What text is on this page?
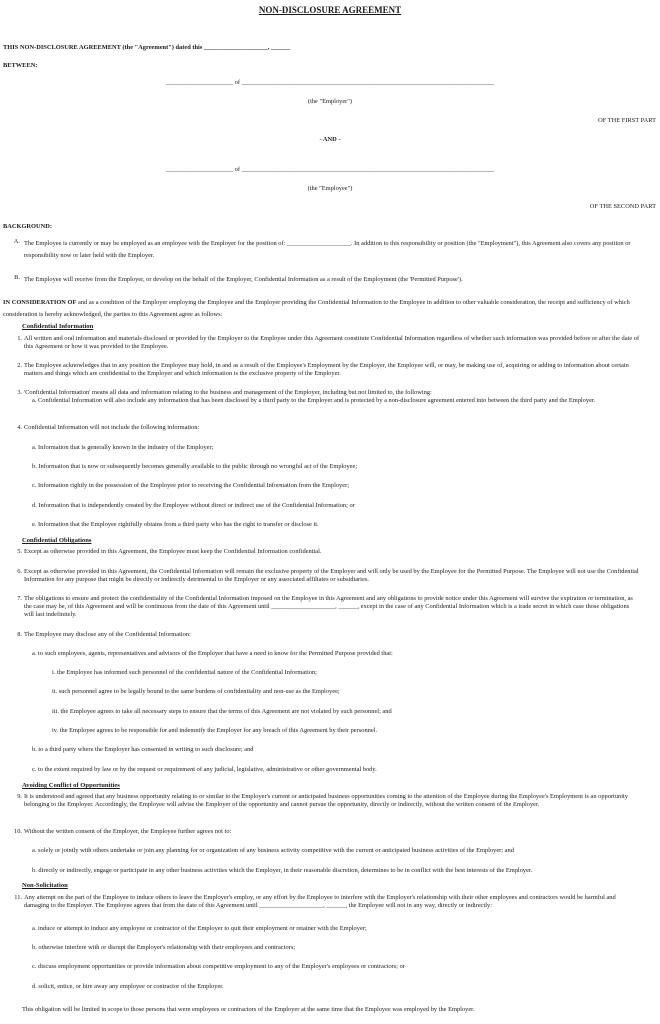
NON-DISCLOSURE AGREEMENT
THIS NON-DISCLOSURE AGREEMENT (the "Agreement") dated this ____________________, ______
BETWEEN:
_____________________ of _______________________________________________________________________________
(the "Employer")
OF THE FIRST PART
- AND -
_____________________ of _______________________________________________________________________________
(the "Employee")
OF THE SECOND PART
BACKGROUND:
A. The Employee is currently or may be employed as an employee with the Employer for the position of: ____________________. In addition to this responsibility or position (the "Employment"), this Agreement also covers any position or responsibility now or later held with the Employer.
B. The Employee will receive from the Employer, or develop on the behalf of the Employer, Confidential Information as a result of the Employment (the 'Permitted Purpose').
IN CONSIDERATION OF and as a condition of the Employer employing the Employee and the Employer providing the Confidential Information to the Employee in addition to other valuable consideration, the receipt and sufficiency of which consideration is hereby acknowledged, the parties to this Agreement agree as follows:
Confidential Information
1. All written and oral information and materials disclosed or provided by the Employer to the Employee under this Agreement constitute Confidential Information regardless of whether such information was provided before or after the date of this Agreement or how it was provided to the Employee.
2. The Employee acknowledges that in any position the Employee may hold, in and as a result of the Employee's Employment by the Employer, the Employee will, or may, be making use of, acquiring or adding to information about certain matters and things which are confidential to the Employer and which information is the exclusive property of the Employer.
3. 'Confidential Information' means all data and information relating to the business and management of the Employer, including but not limited to, the following:
a. Confidential Information will also include any information that has been disclosed by a third party to the Employer and is protected by a non-disclosure agreement entered into between the third party and the Employer.
4. Confidential Information will not include the following information:
a. Information that is generally known in the industry of the Employer;
b. Information that is now or subsequently becomes generally available to the public through no wrongful act of the Employee;
c. Information rightly in the possession of the Employee prior to receiving the Confidential Information from the Employer;
d. Information that is independently created by the Employee without direct or indirect use of the Confidential Information; or
e. Information that the Employee rightfully obtains from a third party who has the right to transfer or disclose it.
Confidential Obligations
5. Except as otherwise provided in this Agreement, the Employee must keep the Confidential Information confidential.
6. Except as otherwise provided in this Agreement, the Confidential Information will remain the exclusive property of the Employer and will only be used by the Employee for the Permitted Purpose. The Employee will not use the Confidential Information for any purpose that might be directly or indirectly detrimental to the Employer or any associated affiliates or subsidiaries.
7. The obligations to ensure and protect the confidentiality of the Confidential Information imposed on the Employee in this Agreement and any obligations to provide notice under this Agreement will survive the expiration or termination, as the case may be, of this Agreement and will be continuous from the date of this Agreement until ____________________, ______, except in the case of any Confidential Information which is a trade secret in which case those obligations will last indefinitely.
8. The Employee may disclose any of the Confidential Information:
a. to such employees, agents, representatives and advisors of the Employer that have a need to know for the Permitted Purpose provided that:
i. the Employee has informed such personnel of the confidential nature of the Confidential Information;
ii. such personnel agree to be legally bound to the same burdens of confidentiality and non-use as the Employee;
iii. the Employee agrees to take all necessary steps to ensure that the terms of this Agreement are not violated by such personnel; and
iv. the Employee agrees to be responsible for and indemnify the Employer for any breach of this Agreement by their personnel.
b. to a third party where the Employer has consented in writing to such disclosure; and
c. to the extent required by law or by the request or requirement of any judicial, legislative, administrative or other governmental body.
Avoiding Conflict of Opportunities
9. It is understood and agreed that any business opportunity relating to or similar to the Employer's current or anticipated business opportunities coming to the attention of the Employee during the Employee's Employment is an opportunity belonging to the Employer. Accordingly, the Employee will advise the Employer of the opportunity and cannot pursue the opportunity, directly or indirectly, without the written consent of the Employer.
10. Without the written consent of the Employer, the Employee further agrees not to:
a. solely or jointly with others undertake or join any planning for or organization of any business activity competitive with the current or anticipated business activities of the Employer; and
b. directly or indirectly, engage or participate in any other business activities which the Employer, in their reasonable discretion, determines to be in conflict with the best interests of the Employer.
Non-Solicitation
11. Any attempt on the part of the Employee to induce others to leave the Employer's employ, or any effort by the Employee to interfere with the Employer's relationship with their other employees and contractors would be harmful and damaging to the Employer. The Employee agrees that from the date of this Agreement until ____________________, ______, the Employee will not in any way, directly or indirectly:
a. induce or attempt to induce any employee or contractor of the Employer to quit their employment or retainer with the Employer;
b. otherwise interfere with or disrupt the Employer's relationship with their employees and contractors;
c. discuss employment opportunities or provide information about competitive employment to any of the Employer's employees or contractors; or
d. solicit, entice, or hire away any employee or contractor of the Employer.
This obligation will be limited in scope to those persons that were employees or contractors of the Employer at the same time that the Employee was employed by the Employer.
